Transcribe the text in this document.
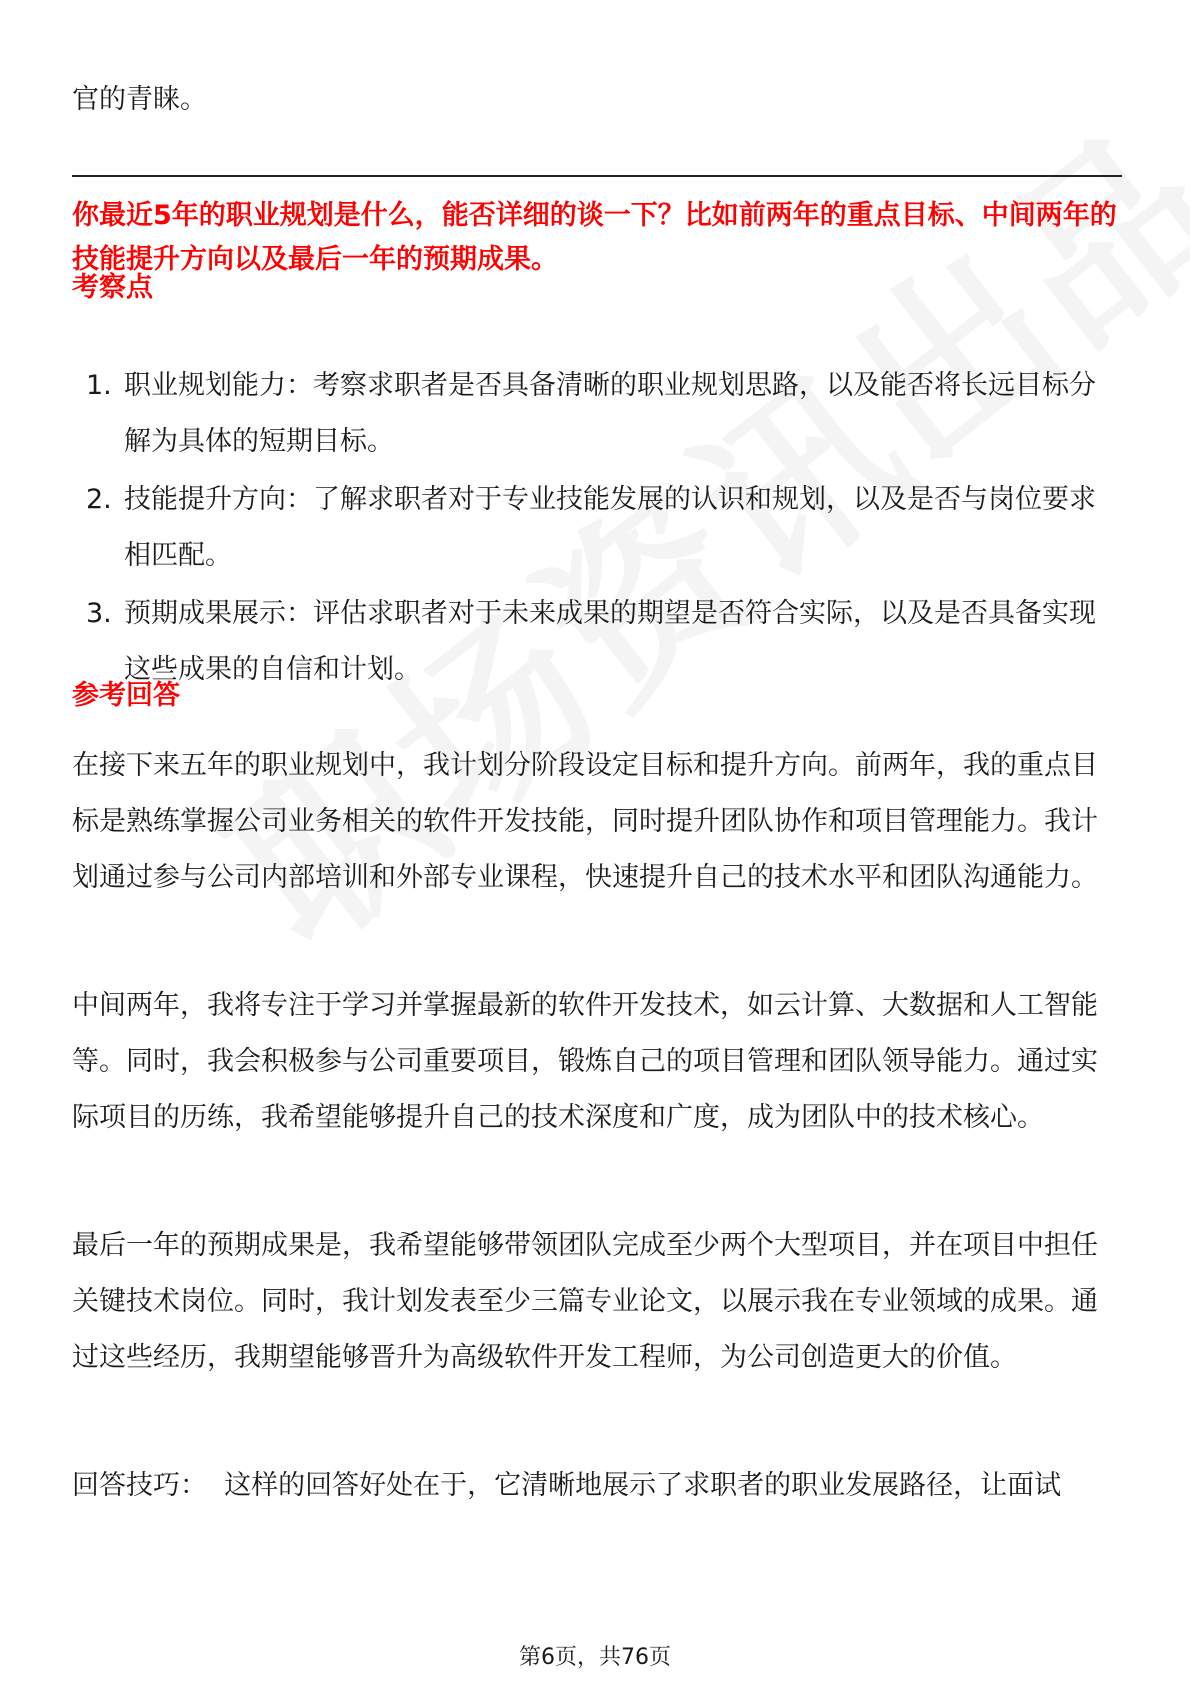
官的青睐。

你最近5年的职业规划是什么，能否详细的谈一下？比如前两年的重点目标、中间两年的技能提升方向以及最后一年的预期成果。

考察点

1. 职业规划能力：考察求职者是否具备清晰的职业规划思路，以及能否将长远目标分解为具体的短期目标。
2. 技能提升方向：了解求职者对于专业技能发展的认识和规划，以及是否与岗位要求相匹配。
3. 预期成果展示：评估求职者对于未来成果的期望是否符合实际，以及是否具备实现这些成果的自信和计划。

参考回答

在接下来五年的职业规划中，我计划分阶段设定目标和提升方向。前两年，我的重点目标是熟练掌握公司业务相关的软件开发技能，同时提升团队协作和项目管理能力。我计划通过参与公司内部培训和外部专业课程，快速提升自己的技术水平和团队沟通能力。

中间两年，我将专注于学习并掌握最新的软件开发技术，如云计算、大数据和人工智能等。同时，我会积极参与公司重要项目，锻炼自己的项目管理和团队领导能力。通过实际项目的历练，我希望能够提升自己的技术深度和广度，成为团队中的技术核心。

最后一年的预期成果是，我希望能够带领团队完成至少两个大型项目，并在项目中担任关键技术岗位。同时，我计划发表至少三篇专业论文，以展示我在专业领域的成果。通过这些经历，我期望能够晋升为高级软件开发工程师，为公司创造更大的价值。

回答技巧：  这样的回答好处在于，它清晰地展示了求职者的职业发展路径，让面试

第6页，共76页
